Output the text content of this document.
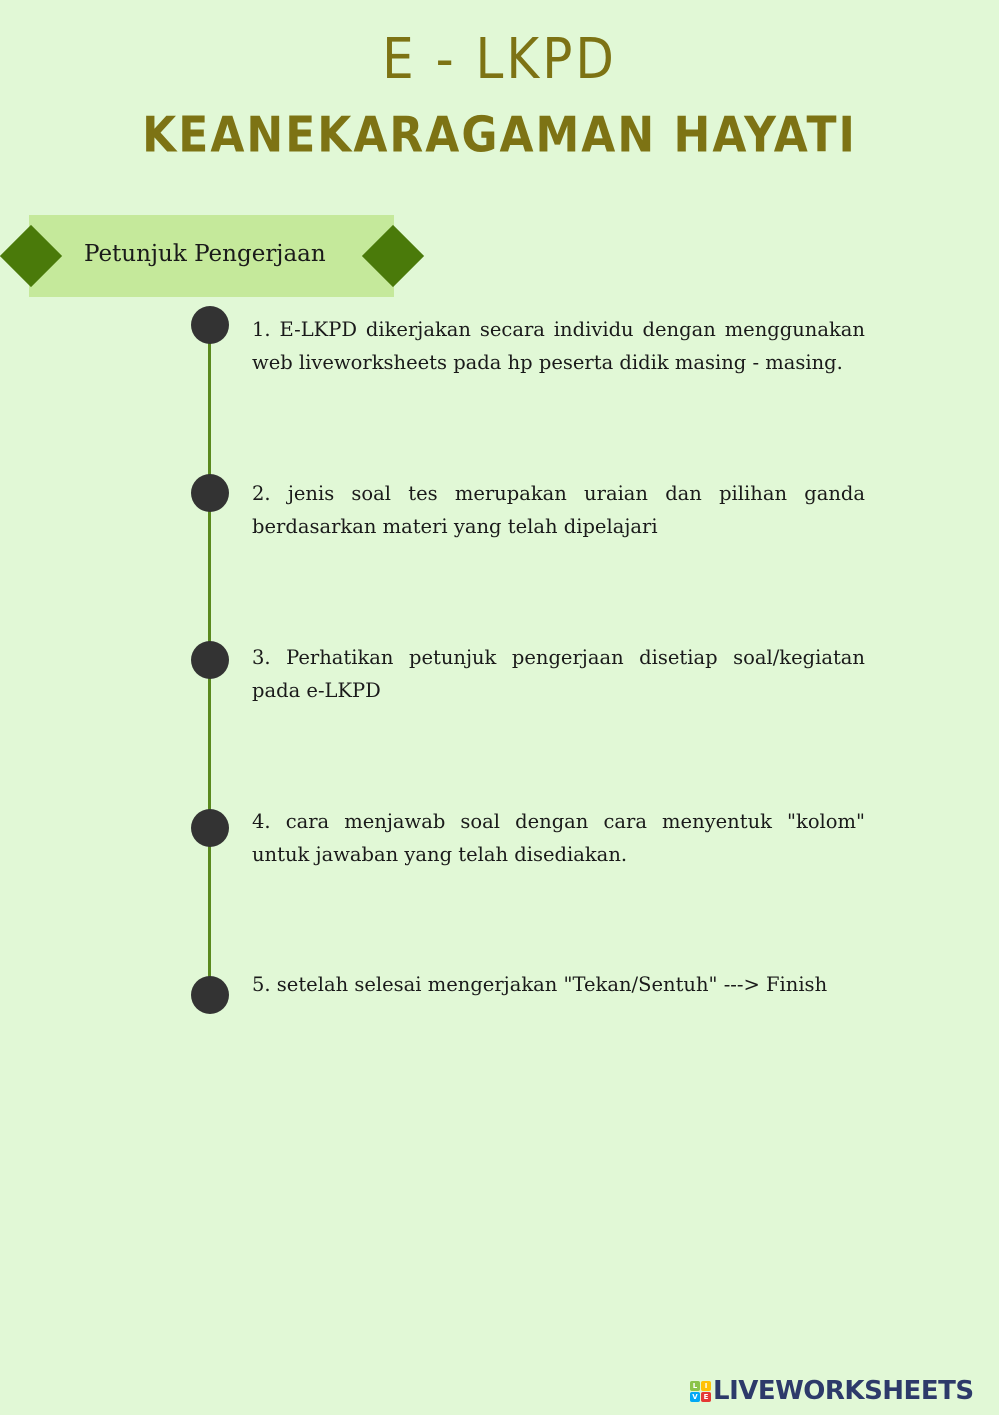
E - LKPD
KEANEKARAGAMAN HAYATI
Petunjuk Pengerjaan
1. E-LKPD dikerjakan secara individu dengan menggunakan web liveworksheets pada hp peserta didik masing - masing.
2. jenis soal tes merupakan uraian dan pilihan ganda berdasarkan materi yang telah dipelajari
3. Perhatikan petunjuk pengerjaan disetiap soal/kegiatan pada e-LKPD
4. cara menjawab soal dengan cara menyentuk "kolom" untuk jawaban yang telah disediakan.
5. setelah selesai mengerjakan "Tekan/Sentuh" ---> Finish
L	I
V E LIVEWORKSHEETS
